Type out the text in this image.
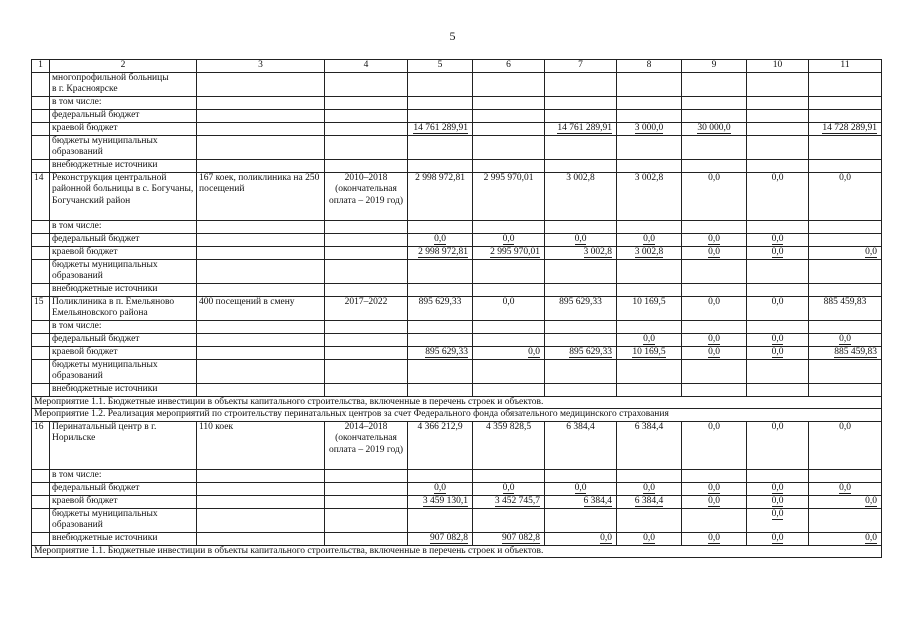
5
1	2	3	4	5	6	7	8	9	10	11

	многопрофильной больницы
в г. Красноярске									

	в том числе:									
	федеральный бюджет									
	краевой бюджет			14 761 289,91		14 761 289,91	3 000,0	30 000,0		14 728 289,91
	бюджеты муниципальных образований									
	внебюджетные источники									
14	Реконструкция центральной районной больницы в с. Богучаны, Богучанский район	167 коек, поликлиника на 250 посещений	2010–2018 (окончательная оплата – 2019 год)	2 998 972,81	2 995 970,01	3 002,8	3 002,8	0,0	0,0	0,0
	в том числе:									
	федеральный бюджет			0,0	0,0	0,0	0,0	0,0	0,0	
	краевой бюджет			2 998 972,81	2 995 970,01	3 002,8	3 002,8	0,0	0,0	0,0
	бюджеты муниципальных образований									
	внебюджетные источники									
15	Поликлиника в п. Емельяново Емельяновского района	400 посещений в смену	2017–2022	895 629,33	0,0	895 629,33	10 169,5	0,0	0,0	885 459,83
	в том числе:									
	федеральный бюджет						0,0	0,0	0,0	0,0
	краевой бюджет			895 629,33	0,0	895 629,33	10 169,5	0,0	0,0	885 459,83
	бюджеты муниципальных образований									
	внебюджетные источники									
Мероприятие 1.1. Бюджетные инвестиции в объекты капитального строительства, включенные в перечень строек и объектов.										
Мероприятие 1.2. Реализация мероприятий по строительству перинатальных центров за счет Федерального фонда обязательного медицинского страхования										
16	Перинатальный центр в г. Норильске	110 коек	2014–2018 (окончательная оплата – 2019 год)	4 366 212,9	4 359 828,5	6 384,4	6 384,4	0,0	0,0	0,0
	в том числе:									
	федеральный бюджет			0,0	0,0	0,0	0,0	0,0	0,0	0,0
	краевой бюджет			3 459 130,1	3 452 745,7	6 384,4	6 384,4	0,0	0,0	0,0
	бюджеты муниципальных образований								0,0	
	внебюджетные источники			907 082,8	907 082,8	0,0	0,0	0,0	0,0	0,0
Мероприятие 1.1. Бюджетные инвестиции в объекты капитального строительства, включенные в перечень строек и объектов.										
